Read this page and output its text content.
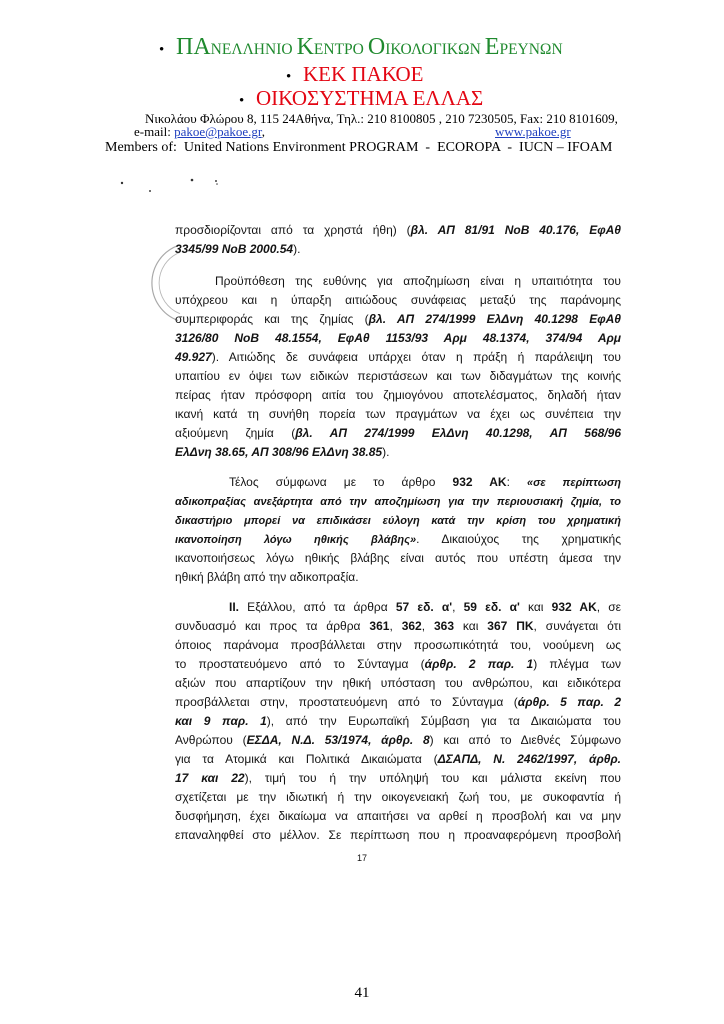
• ΠΑΝΕΛΛΗΝΙΟ ΚΕΝΤΡΟ ΟΙΚΟΛΟΓΙΚΩΝ ΕΡΕΥΝΩΝ
• ΚΕΚ ΠΑΚΟΕ
• ΟΙΚΟΣΥΣΤΗΜΑ ΕΛΛΑΣ
Νικολάου Φλώρου 8, 115 24Αθήνα, Τηλ.: 210 8100805 , 210 7230505, Fax: 210 8101609,
e-mail: pakoe@pakoe.gr,	www.pakoe.gr
Members of:  United Nations Environment PROGRAM  -  ECOROPA  -  IUCN – IFOAM
προσδιορίζονται από τα χρηστά ήθη) (βλ. ΑΠ 81/91 ΝοΒ 40.176, ΕφΑθ
3345/99 ΝοΒ 2000.54).
Προϋπόθεση της ευθύνης για αποζημίωση είναι η υπαιτιότητα του
υπόχρεου και η ύπαρξη αιτιώδους συνάφειας μεταξύ της παράνομης
συμπεριφοράς και της ζημίας (βλ. ΑΠ 274/1999 ΕλΔνη 40.1298 ΕφΑθ
3126/80 ΝοΒ 48.1554, ΕφΑθ 1153/93 Αρμ 48.1374, 374/94 Αρμ
49.927). Αιτιώδης δε συνάφεια υπάρχει όταν η πράξη ή παράλειψη του
υπαιτίου εν όψει των ειδικών περιστάσεων και των διδαγμάτων της κοινής
πείρας ήταν πρόσφορη αιτία του ζημιογόνου αποτελέσματος, δηλαδή ήταν
ικανή κατά τη συνήθη πορεία των πραγμάτων να έχει ως συνέπεια την
αξιούμενη ζημία (βλ. ΑΠ 274/1999 ΕλΔνη 40.1298, ΑΠ 568/96
ΕλΔνη 38.65, ΑΠ 308/96 ΕλΔνη 38.85).
Τέλος σύμφωνα με το άρθρο 932 ΑΚ: «σε περίπτωση
αδικοπραξίας ανεξάρτητα από την αποζημίωση για την περιουσιακή ζημία, το
δικαστήριο μπορεί να επιδικάσει εύλογη κατά την κρίση του χρηματική
ικανοποίηση λόγω ηθικής βλάβης». Δικαιούχος της χρηματικής
ικανοποιήσεως λόγω ηθικής βλάβης είναι αυτός που υπέστη άμεσα την
ηθική βλάβη από την αδικοπραξία.
ΙΙ. Εξάλλου, από τα άρθρα 57 εδ. α', 59 εδ. α' και 932 ΑΚ, σε
συνδυασμό και προς τα άρθρα 361, 362, 363 και 367 ΠΚ, συνάγεται ότι
όποιος παράνομα προσβάλλεται στην προσωπικότητά του, νοούμενη ως
το προστατευόμενο από το Σύνταγμα (άρθρ. 2 παρ. 1) πλέγμα των
αξιών που απαρτίζουν την ηθική υπόσταση του ανθρώπου, και ειδικότερα
προσβάλλεται στην, προστατευόμενη από το Σύνταγμα (άρθρ. 5 παρ. 2
και 9 παρ. 1), από την Ευρωπαϊκή Σύμβαση για τα Δικαιώματα του
Ανθρώπου (ΕΣΔΑ, Ν.Δ. 53/1974, άρθρ. 8) και από το Διεθνές Σύμφωνο
για τα Ατομικά και Πολιτικά Δικαιώματα (ΔΣΑΠΔ, Ν. 2462/1997, άρθρ.
17 και 22), τιμή του ή την υπόληψή του και μάλιστα εκείνη που
σχετίζεται με την ιδιωτική ή την οικογενειακή ζωή του, με συκοφαντία ή
δυσφήμηση, έχει δικαίωμα να απαιτήσει να αρθεί η προσβολή και να μην
επαναληφθεί στο μέλλον. Σε περίπτωση που η προαναφερόμενη προσβολή
17
41
